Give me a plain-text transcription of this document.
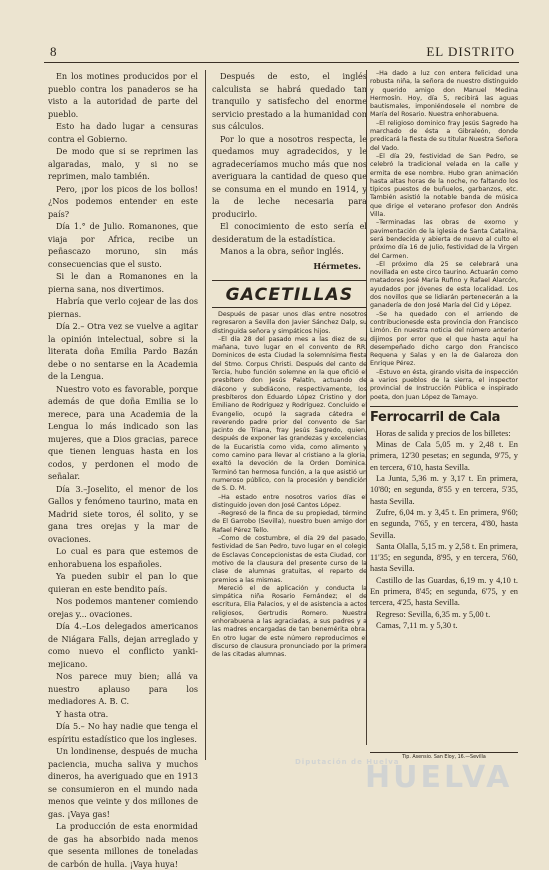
8	EL DISTRITO

En los motines producidos por el pueblo contra los panaderos se ha visto a la autoridad de parte del pueblo.

Esto ha dado lugar a censuras contra el Gobierno.

De modo que si se reprimen las algaradas, malo, y si no se reprimen, malo también.

Pero, ¡por los picos de los bollos! ¿Nos podemos entender en este país?

Día 1.° de Julio. Romanones, que viaja por Africa, recibe un peñascazo moruno, sin más consecuencias que el susto.

Si le dan a Romanones en la pierna sana, nos divertimos.

Habría que verlo cojear de las dos piernas.

Día 2.– Otra vez se vuelve a agitar la opinión intelectual, sobre si la literata doña Emilia Pardo Bazán debe o no sentarse en la Academia de la Lengua.

Nuestro voto es favorable, porque además de que doña Emilia se lo merece, para una Academia de la Lengua lo más indicado son las mujeres, que a Dios gracias, parece que tienen lenguas hasta en los codos, y perdonen el modo de señalar.

Día 3.–Joselito, el menor de los Gallos y fenómeno taurino, mata en Madrid siete toros, él solito, y se gana tres orejas y la mar de ovaciones.

Lo cual es para que estemos de enhorabuena los españoles.

Ya pueden subir el pan lo que quieran en este bendito país.

Nos podemos mantener comiendo orejas y... ovaciones.

Día 4.–Los delegados americanos de Niágara Falls, dejan arreglado y como nuevo el conflicto yanki-mejicano.

Nos parece muy bien; allá va nuestro aplauso para los mediadores A. B. C.

Y hasta otra.

Día 5.– No hay nadie que tenga el espíritu estadístico que los ingleses.

Un londinense, después de mucha paciencia, mucha saliva y muchos dineros, ha averiguado que en 1913 se consumieron en el mundo nada menos que veinte y dos millones de gas. ¡Vaya gas!

La producción de esta enormidad de gas ha absorbido nada menos que sesenta millones de toneladas de carbón de hulla. ¡Vaya huya!

Después de esto, el inglés calculista se habrá quedado tan tranquilo y satisfecho del enorme servicio prestado a la humanidad con sus cálculos.

Por lo que a nosotros respecta, le quedamos muy agradecidos, y le agradeceríamos mucho más que nos averiguara la cantidad de queso que se consuma en el mundo en 1914, y la de leche necesaria para producirlo.

El conocimiento de esto sería el desideratum de la estadística.

Manos a la obra, señor inglés.

Hérmetes.
GACETILLAS

Después de pasar unos días entre nosotros regresaron a Sevilla don Javier Sánchez Dalp, su distinguida señora y simpáticos hijos.

–El día 28 del pasado mes a las diez de su mañana, tuvo lugar en el convento de RR. Dominicos de esta Ciudad la solemnísima fiesta del Stmo. Corpus Christi. Después del canto de Tercia, hubo función solemne en la que ofició el presbítero don Jesús Palatín, actuando de diácono y subdiácono, respectivamente, los presbíteros don Eduardo López Cristino y don Emiliano de Rodríguez y Rodríguez. Concluido el Evangelio, ocupó la sagrada cátedra el reverendo padre prior del convento de San Jacinto de Triana, fray Jesús Sagredo, quien, después de exponer las grandezas y excelencias de la Eucaristía como vida, como alimento y como camino para llevar al cristiano a la gloria, exaltó la devoción de la Orden Dominica. Terminó tan hermosa función, a la que asistió un numeroso público, con la procesión y bendición de S. D. M.

–Ha estado entre nosotros varios días el distinguido joven don José Cantos López.

–Regresó de la finca de su propiedad, término de El Garrobo (Sevilla), nuestro buen amigo don Rafael Pérez Tello.

–Como de costumbre, el día 29 del pasado, festividad de San Pedro, tuvo lugar en el colegio de Esclavas Concepcionistas de esta Ciudad, con motivo de la clausura del presente curso de la clase de alumnas gratuitas, el reparto de premios a las mismas.

Mereció el de aplicación y conducta la simpática niña Rosario Fernández; el de escritura, Elia Palacios, y el de asistencia a actos religiosos, Gertrudis Romero. Nuestra enhorabuena a las agraciadas, a sus padres y a las madres encargadas de tan benemérita obra. En otro lugar de este número reproducimos el discurso de clausura pronunciado por la primera de las citadas alumnas.

–Ha dado a luz con entera felicidad una robusta niña, la señora de nuestro distinguido y querido amigo don Manuel Medina Hermosín. Hoy, día 5, recibirá las aguas bautismales, imponiéndosele el nombre de María del Rosario. Nuestra enhorabuena.

–El religioso dominico fray Jesús Sagredo ha marchado de ésta a Gibraleón, donde predicará la fiesta de su titular Nuestra Señora del Vado.

–El día 29, festividad de San Pedro, se celebró la tradicional velada en la calle y ermita de ese nombre. Hubo gran animación hasta altas horas de la noche, no faltando los típicos puestos de buñuelos, garbanzos, etc. También asistió la notable banda de música que dirige el veterano profesor don Andrés Villa.

–Terminadas las obras de exorno y pavimentación de la iglesia de Santa Catalina, será bendecida y abierta de nuevo al culto el próximo día 16 de Julio, festividad de la Virgen del Carmen.

–El próximo día 25 se celebrará una novillada en este circo taurino. Actuarán como matadores José María Rufino y Rafael Alarcón, ayudados por jóvenes de esta localidad. Los dos novillos que se lidiarán pertenecerán a la ganadería de don José María del Cid y López.

–Se ha quedado con el arriendo de contribucionesde esta provincia don Francisco Limón. En nuestra noticia del número anterior dijimos por error que el que hasta aquí ha desempeñado dicho cargo don Francisco Requena y Salas y en la de Galaroza don Enrique Pérez.

–Estuvo en ésta, girando visita de inspección a varios pueblos de la sierra, el inspector provincial de Instrucción Pública e inspirado poeta, don Juan López de Tamayo.

Ferrocarril de Cala

Horas de salida y precios de los billetes:

Minas de Cala 5,05 m. y 2,48 t. En primera, 12'30 pesetas; en segunda, 9'75, y en tercera, 6'10, hasta Sevilla.

La Junta, 5,36 m. y 3,17 t. En primera, 10'80; en segunda, 8'55 y en tercera, 5'35, hasta Sevilla.

Zufre, 6,04 m. y 3,45 t. En primera, 9'60; en segunda, 7'65, y en tercera, 4'80, hasta Sevilla.

Santa Olalla, 5,15 m. y 2,58 t. En primera, 11'35; en segunda, 8'95, y en tercera, 5'60, hasta Sevilla.

Castillo de las Guardas, 6,19 m. y 4,10 t. En primera, 8'45; en segunda, 6'75, y en tercera, 4'25, hasta Sevilla.

Regreso: Sevilla, 6,35 m. y 5,00 t.

Camas, 7,11 m. y 5,30 t.

Tip. Asensio. San Eloy, 16.—Sevilla
Diputación de Huelva
HUELVA
